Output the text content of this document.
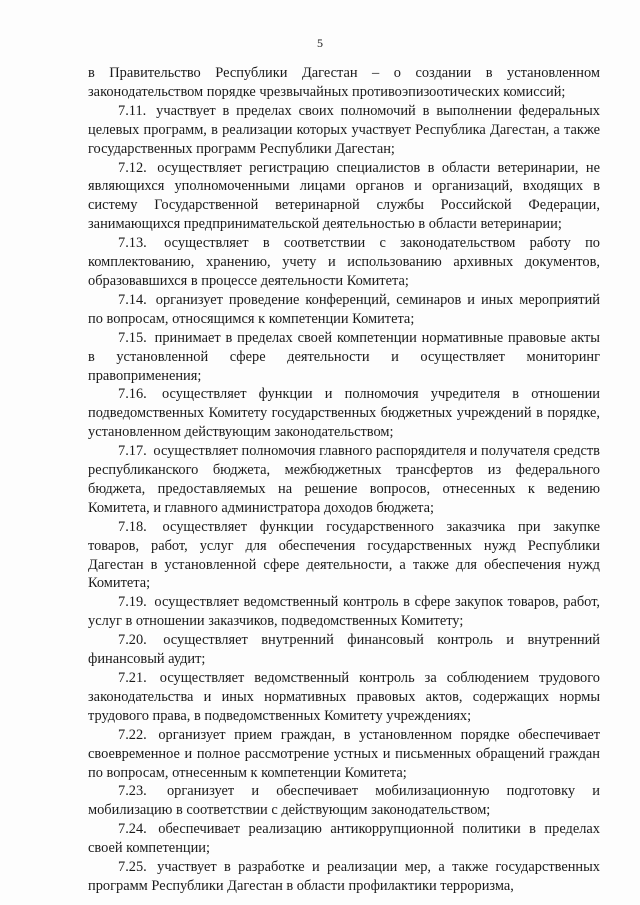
5

в Правительство Республики Дагестан – о создании в установленном законодательством порядке чрезвычайных противоэпизоотических комиссий;

7.11. участвует в пределах своих полномочий в выполнении федеральных целевых программ, в реализации которых участвует Республика Дагестан, а также государственных программ Республики Дагестан;

7.12. осуществляет регистрацию специалистов в области ветеринарии, не являющихся уполномоченными лицами органов и организаций, входящих в систему Государственной ветеринарной службы Российской Федерации, занимающихся предпринимательской деятельностью в области ветеринарии;

7.13. осуществляет в соответствии с законодательством работу по комплектованию, хранению, учету и использованию архивных документов, образовавшихся в процессе деятельности Комитета;

7.14. организует проведение конференций, семинаров и иных мероприятий по вопросам, относящимся к компетенции Комитета;

7.15. принимает в пределах своей компетенции нормативные правовые акты в установленной сфере деятельности и осуществляет мониторинг правоприменения;

7.16. осуществляет функции и полномочия учредителя в отношении подведомственных Комитету государственных бюджетных учреждений в порядке, установленном действующим законодательством;

7.17. осуществляет полномочия главного распорядителя и получателя средств республиканского бюджета, межбюджетных трансфертов из федерального бюджета, предоставляемых на решение вопросов, отнесенных к ведению Комитета, и главного администратора доходов бюджета;

7.18. осуществляет функции государственного заказчика при закупке товаров, работ, услуг для обеспечения государственных нужд Республики Дагестан в установленной сфере деятельности, а также для обеспечения нужд Комитета;

7.19. осуществляет ведомственный контроль в сфере закупок товаров, работ, услуг в отношении заказчиков, подведомственных Комитету;

7.20. осуществляет внутренний финансовый контроль и внутренний финансовый аудит;

7.21. осуществляет ведомственный контроль за соблюдением трудового законодательства и иных нормативных правовых актов, содержащих нормы трудового права, в подведомственных Комитету учреждениях;

7.22. организует прием граждан, в установленном порядке обеспечивает своевременное и полное рассмотрение устных и письменных обращений граждан по вопросам, отнесенным к компетенции Комитета;

7.23. организует и обеспечивает мобилизационную подготовку и мобилизацию в соответствии с действующим законодательством;

7.24. обеспечивает реализацию антикоррупционной политики в пределах своей компетенции;

7.25. участвует в разработке и реализации мер, а также государственных программ Республики Дагестан в области профилактики терроризма,
